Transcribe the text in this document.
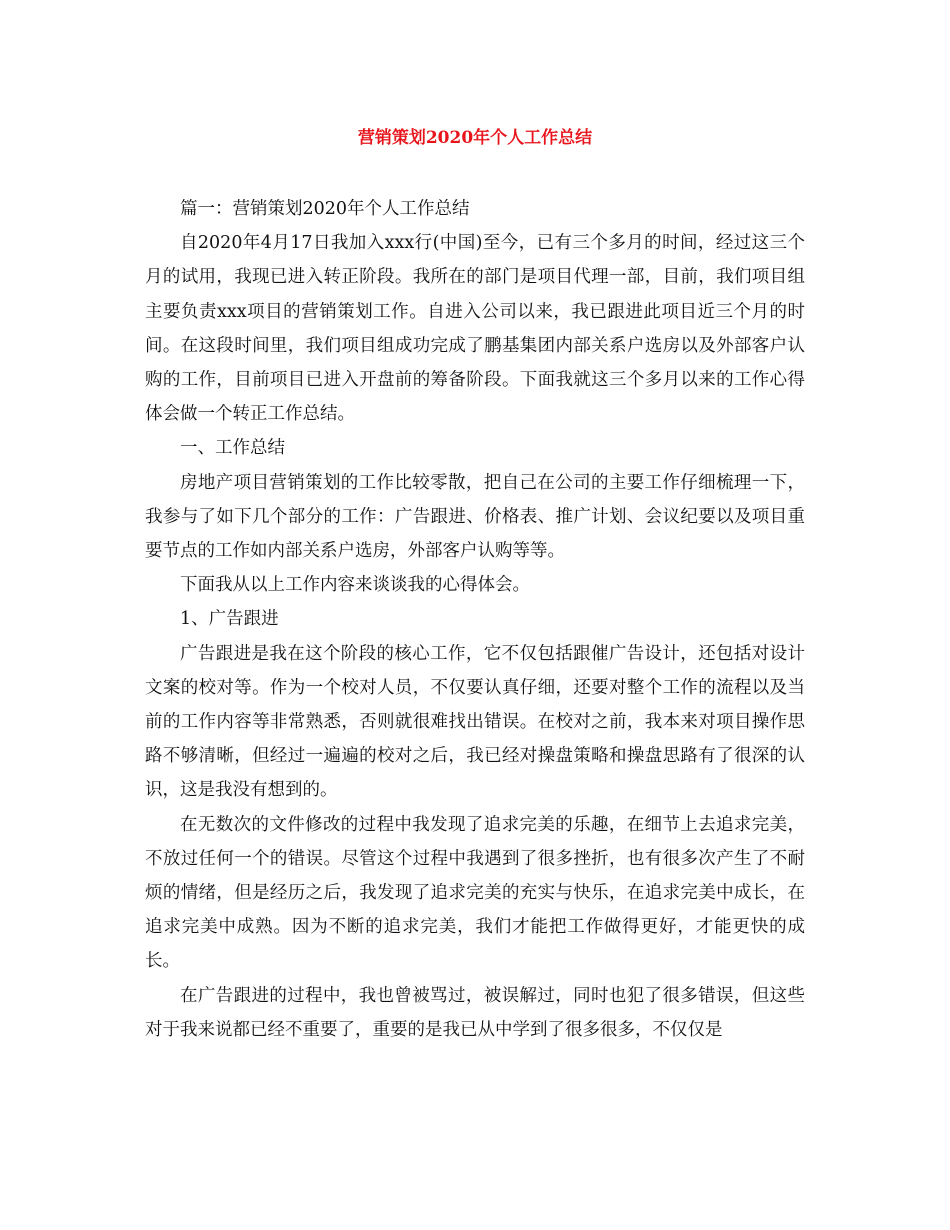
营销策划2020年个人工作总结

篇一：营销策划2020年个人工作总结

自2020年4月17日我加入xxx行(中国)至今，已有三个多月的时间，经过这三个月的试用，我现已进入转正阶段。我所在的部门是项目代理一部，目前，我们项目组主要负责xxx项目的营销策划工作。自进入公司以来，我已跟进此项目近三个月的时间。在这段时间里，我们项目组成功完成了鹏基集团内部关系户选房以及外部客户认购的工作，目前项目已进入开盘前的筹备阶段。下面我就这三个多月以来的工作心得体会做一个转正工作总结。

一、工作总结

房地产项目营销策划的工作比较零散，把自己在公司的主要工作仔细梳理一下，我参与了如下几个部分的工作：广告跟进、价格表、推广计划、会议纪要以及项目重要节点的工作如内部关系户选房，外部客户认购等等。

下面我从以上工作内容来谈谈我的心得体会。

1、广告跟进

广告跟进是我在这个阶段的核心工作，它不仅包括跟催广告设计，还包括对设计文案的校对等。作为一个校对人员，不仅要认真仔细，还要对整个工作的流程以及当前的工作内容等非常熟悉，否则就很难找出错误。在校对之前，我本来对项目操作思路不够清晰，但经过一遍遍的校对之后，我已经对操盘策略和操盘思路有了很深的认识，这是我没有想到的。

在无数次的文件修改的过程中我发现了追求完美的乐趣，在细节上去追求完美，不放过任何一个的错误。尽管这个过程中我遇到了很多挫折，也有很多次产生了不耐烦的情绪，但是经历之后，我发现了追求完美的充实与快乐，在追求完美中成长，在追求完美中成熟。因为不断的追求完美，我们才能把工作做得更好，才能更快的成长。

在广告跟进的过程中，我也曾被骂过，被误解过，同时也犯了很多错误，但这些对于我来说都已经不重要了，重要的是我已从中学到了很多很多，不仅仅是
